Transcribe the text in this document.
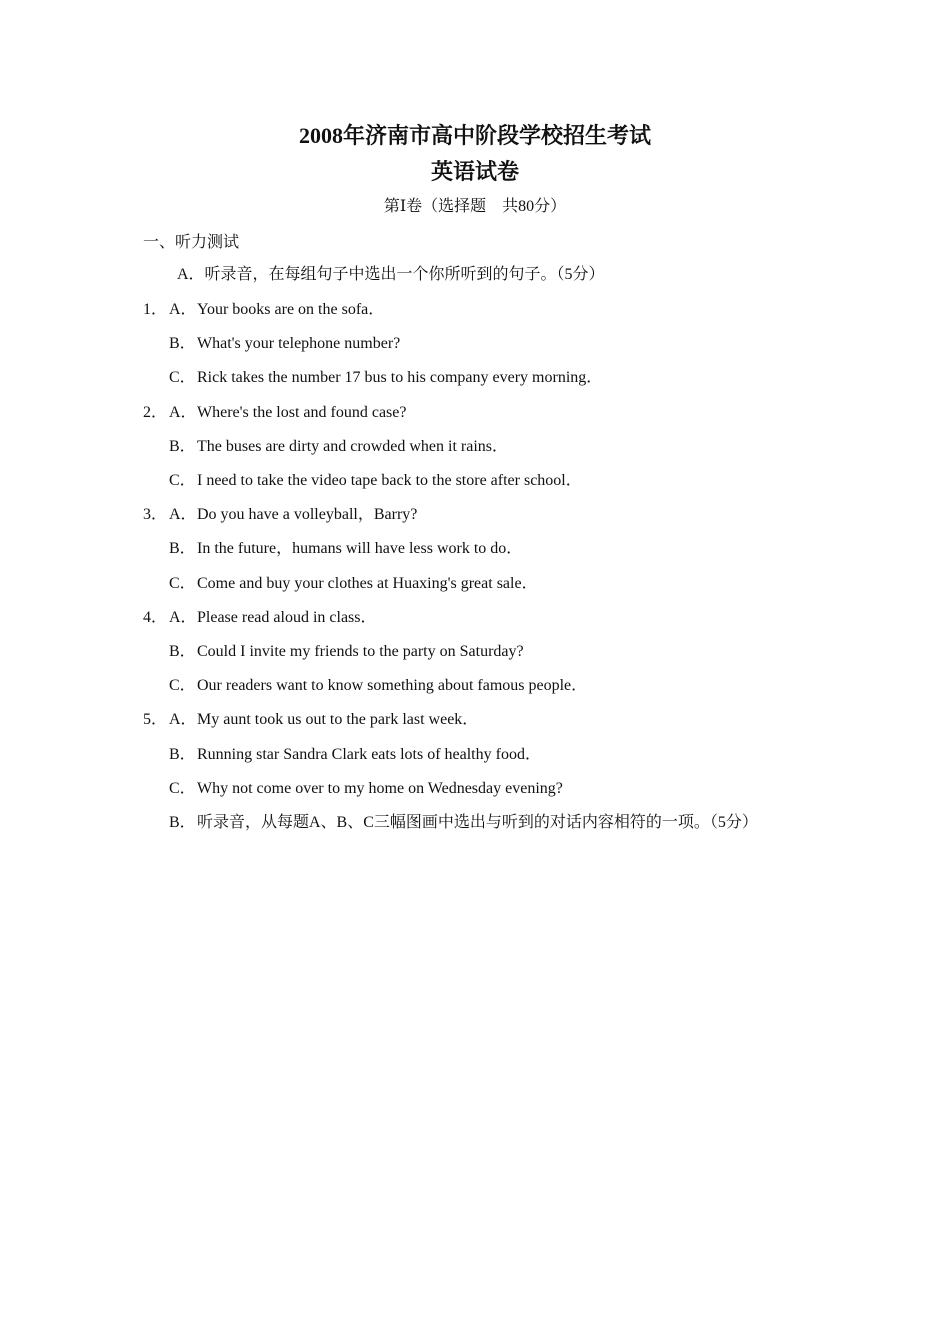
2008年济南市高中阶段学校招生考试
英语试卷
第Ⅰ卷（选择题　共80分）
一、听力测试
A．听录音，在每组句子中选出一个你所听到的句子。（5分）
1． A． Your books are on the sofa．
B． What's your telephone number?
C． Rick takes the number 17 bus to his company every morning．
2． A． Where's the lost and found case?
B． The buses are dirty and crowded when it rains．
C． I need to take the video tape back to the store after school．
3． A． Do you have a volleyball，Barry?
B． In the future，humans will have less work to do．
C． Come and buy your clothes at Huaxing's great sale．
4． A． Please read aloud in class．
B． Could I invite my friends to the party on Saturday?
C． Our readers want to know something about famous people．
5． A． My aunt took us out to the park last week．
B． Running star Sandra Clark eats lots of healthy food．
C． Why not come over to my home on Wednesday evening?
B． 听录音，从每题A、B、C三幅图画中选出与听到的对话内容相符的一项。（5分）
